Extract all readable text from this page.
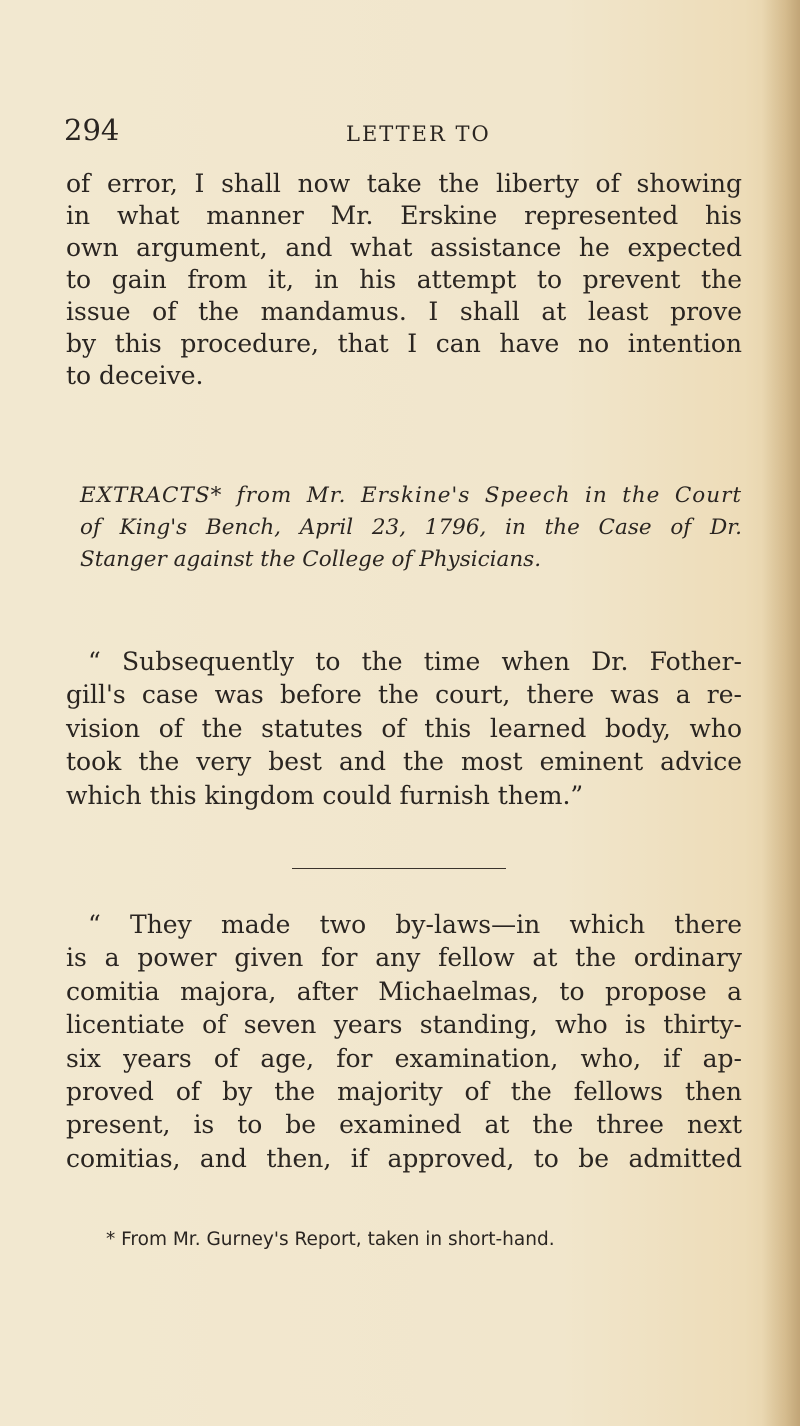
294	LETTER TO

of error, I shall now take the liberty of showing
in what manner Mr. Erskine represented his
own argument, and what assistance he expected
to gain from it, in his attempt to prevent the
issue of the mandamus. I shall at least prove
by this procedure, that I can have no intention
to deceive.
EXTRACTS* from Mr. Erskine's Speech in the Court
of King's Bench, April 23, 1796, in the Case of Dr.
Stanger against the College of Physicians.
“ Subsequently to the time when Dr. Fother-
gill's case was before the court, there was a re-
vision of the statutes of this learned body, who
took the very best and the most eminent advice
which this kingdom could furnish them.”
“ They made two by-laws—in which there
is a power given for any fellow at the ordinary
comitia majora, after Michaelmas, to propose a
licentiate of seven years standing, who is thirty-
six years of age, for examination, who, if ap-
proved of by the majority of the fellows then
present, is to be examined at the three next
comitias, and then, if approved, to be admitted

* From Mr. Gurney's Report, taken in short-hand.
